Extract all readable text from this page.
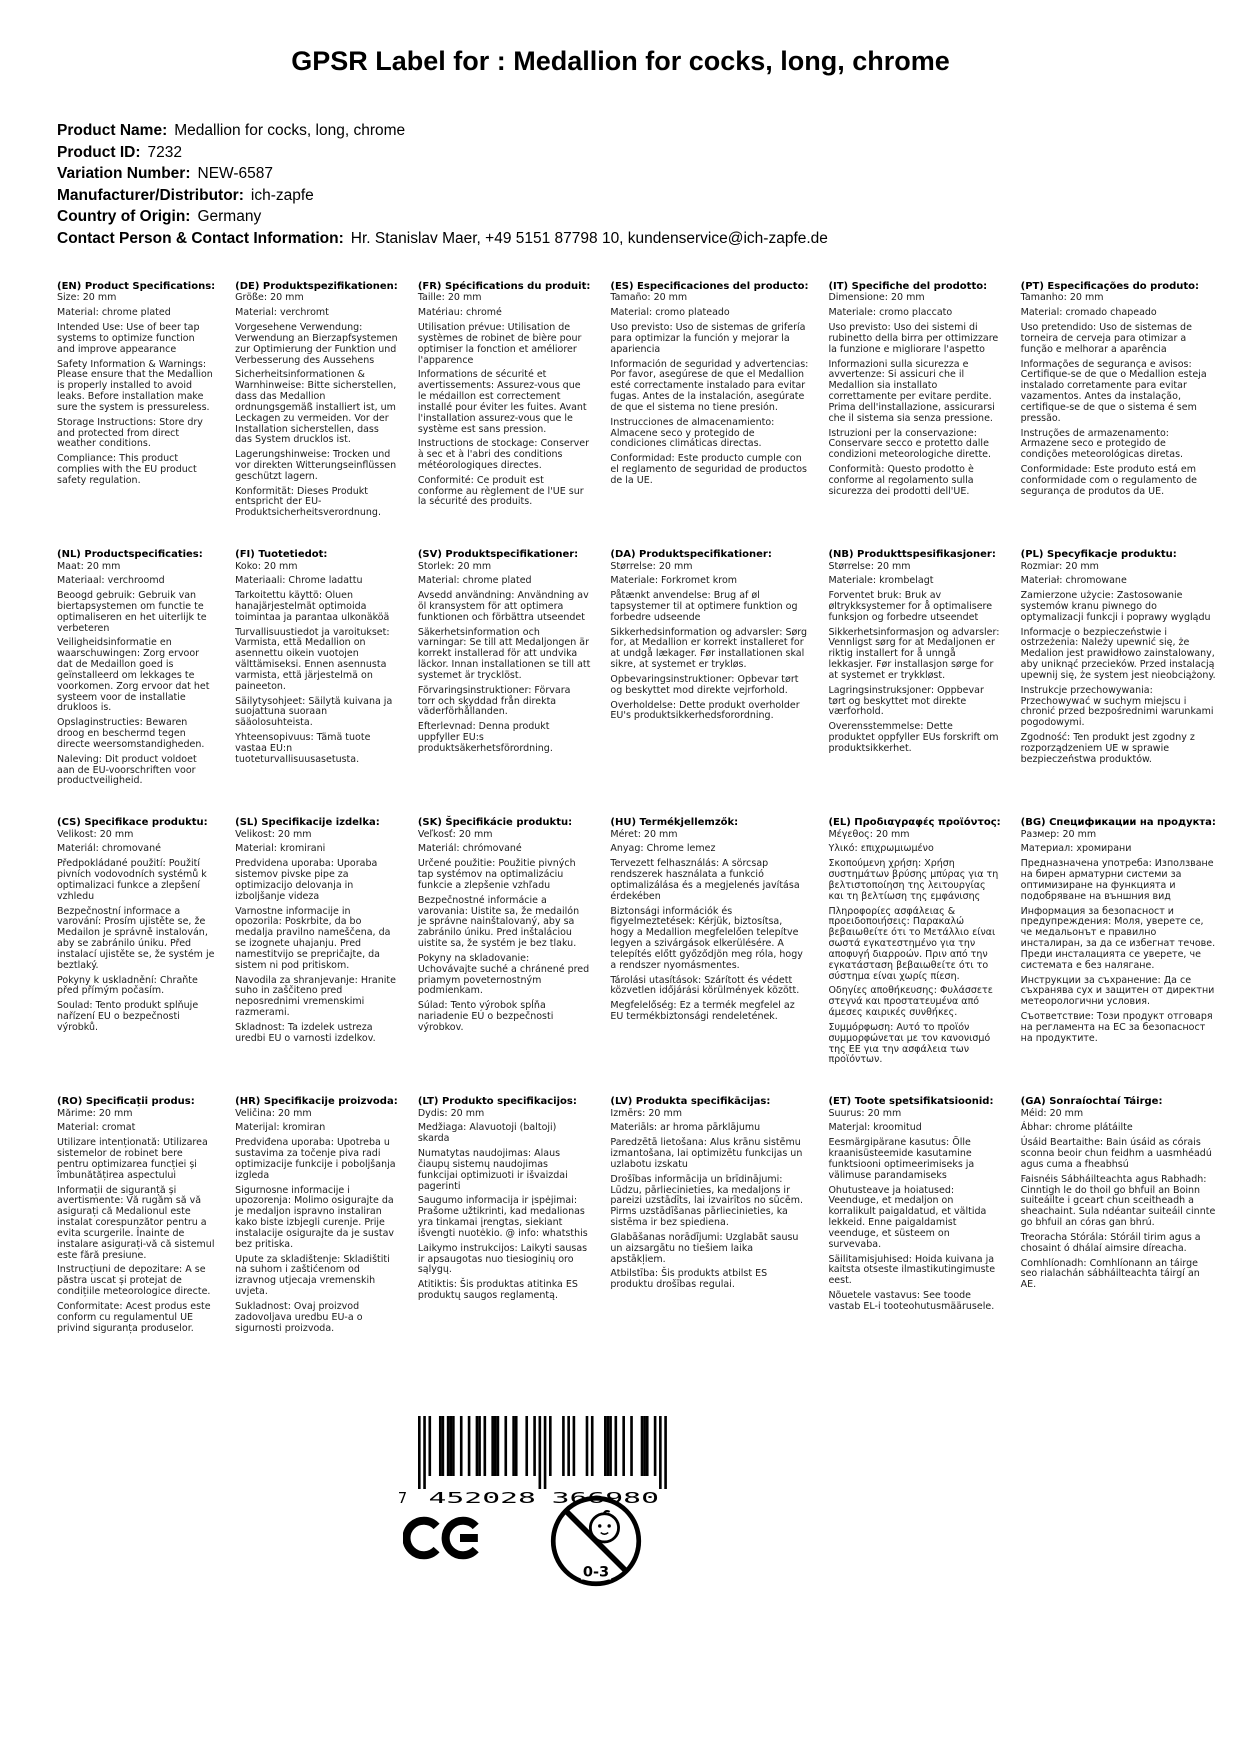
GPSR Label for : Medallion for cocks, long, chrome
Product Name: Medallion for cocks, long, chrome
Product ID: 7232
Variation Number: NEW-6587
Manufacturer/Distributor: ich-zapfe
Country of Origin: Germany
Contact Person & Contact Information: Hr. Stanislav Maer, +49 5151 87798 10, kundenservice@ich-zapfe.de
(EN) Product Specifications:

Size: 20 mm

Material: chrome plated

Intended Use: Use of beer tap systems to optimize function and improve appearance

Safety Information & Warnings: Please ensure that the Medallion is properly installed to avoid leaks. Before installation make sure the system is pressureless.

Storage Instructions: Store dry and protected from direct weather conditions.

Compliance: This product complies with the EU product safety regulation.

(DE) Produktspezifikationen:

Größe: 20 mm

Material: verchromt

Vorgesehene Verwendung: Verwendung an Bierzapfsystemen zur Optimierung der Funktion und Verbesserung des Aussehens

Sicherheitsinformationen & Warnhinweise: Bitte sicherstellen, dass das Medallion ordnungsgemäß installiert ist, um Leckagen zu vermeiden. Vor der Installation sicherstellen, dass das System drucklos ist.

Lagerungshinweise: Trocken und vor direkten Witterungseinflüssen geschützt lagern.

Konformität: Dieses Produkt entspricht der EU-Produktsicherheitsverordnung.

(FR) Spécifications du produit:

Taille: 20 mm

Matériau: chromé

Utilisation prévue: Utilisation de systèmes de robinet de bière pour optimiser la fonction et améliorer l'apparence

Informations de sécurité et avertissements: Assurez-vous que le médaillon est correctement installé pour éviter les fuites. Avant l'installation assurez-vous que le système est sans pression.

Instructions de stockage: Conserver à sec et à l'abri des conditions météorologiques directes.

Conformité: Ce produit est conforme au règlement de l'UE sur la sécurité des produits.

(ES) Especificaciones del producto:

Tamaño: 20 mm

Material: cromo plateado

Uso previsto: Uso de sistemas de grifería para optimizar la función y mejorar la apariencia

Información de seguridad y advertencias: Por favor, asegúrese de que el Medallion esté correctamente instalado para evitar fugas. Antes de la instalación, asegúrate de que el sistema no tiene presión.

Instrucciones de almacenamiento: Almacene seco y protegido de condiciones climáticas directas.

Conformidad: Este producto cumple con el reglamento de seguridad de productos de la UE.

(IT) Specifiche del prodotto:

Dimensione: 20 mm

Materiale: cromo placcato

Uso previsto: Uso dei sistemi di rubinetto della birra per ottimizzare la funzione e migliorare l'aspetto

Informazioni sulla sicurezza e avvertenze: Si assicuri che il Medallion sia installato correttamente per evitare perdite. Prima dell'installazione, assicurarsi che il sistema sia senza pressione.

Istruzioni per la conservazione: Conservare secco e protetto dalle condizioni meteorologiche dirette.

Conformità: Questo prodotto è conforme al regolamento sulla sicurezza dei prodotti dell'UE.

(PT) Especificações do produto:

Tamanho: 20 mm

Material: cromado chapeado

Uso pretendido: Uso de sistemas de torneira de cerveja para otimizar a função e melhorar a aparência

Informações de segurança e avisos: Certifique-se de que o Medallion esteja instalado corretamente para evitar vazamentos. Antes da instalação, certifique-se de que o sistema é sem pressão.

Instruções de armazenamento: Armazene seco e protegido de condições meteorológicas diretas.

Conformidade: Este produto está em conformidade com o regulamento de segurança de produtos da UE.

(NL) Productspecificaties:

Maat: 20 mm

Materiaal: verchroomd

Beoogd gebruik: Gebruik van biertapsystemen om functie te optimaliseren en het uiterlijk te verbeteren

Veiligheidsinformatie en waarschuwingen: Zorg ervoor dat de Medaillon goed is geïnstalleerd om lekkages te voorkomen. Zorg ervoor dat het systeem voor de installatie drukloos is.

Opslaginstructies: Bewaren droog en beschermd tegen directe weersomstandigheden.

Naleving: Dit product voldoet aan de EU-voorschriften voor productveiligheid.

(FI) Tuotetiedot:

Koko: 20 mm

Materiaali: Chrome ladattu

Tarkoitettu käyttö: Oluen hanajärjestelmät optimoida toimintaa ja parantaa ulkonäköä

Turvallisuustiedot ja varoitukset: Varmista, että Medallion on asennettu oikein vuotojen välttämiseksi. Ennen asennusta varmista, että järjestelmä on paineeton.

Säilytysohjeet: Säilytä kuivana ja suojattuna suoraan sääolosuhteista.

Yhteensopivuus: Tämä tuote vastaa EU:n tuoteturvallisuusasetusta.

(SV) Produktspecifikationer:

Storlek: 20 mm

Material: chrome plated

Avsedd användning: Användning av öl kransystem för att optimera funktionen och förbättra utseendet

Säkerhetsinformation och varningar: Se till att Medaljongen är korrekt installerad för att undvika läckor. Innan installationen se till att systemet är trycklöst.

Förvaringsinstruktioner: Förvara torr och skyddad från direkta väderförhållanden.

Efterlevnad: Denna produkt uppfyller EU:s produktsäkerhetsförordning.

(DA) Produktspecifikationer:

Størrelse: 20 mm

Materiale: Forkromet krom

Påtænkt anvendelse: Brug af øl tapsystemer til at optimere funktion og forbedre udseende

Sikkerhedsinformation og advarsler: Sørg for, at Medallion er korrekt installeret for at undgå lækager. Før installationen skal sikre, at systemet er trykløs.

Opbevaringsinstruktioner: Opbevar tørt og beskyttet mod direkte vejrforhold.

Overholdelse: Dette produkt overholder EU's produktsikkerhedsforordning.

(NB) Produkttspesifikasjoner:

Størrelse: 20 mm

Materiale: krombelagt

Forventet bruk: Bruk av øltrykksystemer for å optimalisere funksjon og forbedre utseendet

Sikkerhetsinformasjon og advarsler: Vennligst sørg for at Medaljonen er riktig installert for å unngå lekkasjer. Før installasjon sørge for at systemet er trykkløst.

Lagringsinstruksjoner: Oppbevar tørt og beskyttet mot direkte værforhold.

Overensstemmelse: Dette produktet oppfyller EUs forskrift om produktsikkerhet.

(PL) Specyfikacje produktu:

Rozmiar: 20 mm

Materiał: chromowane

Zamierzone użycie: Zastosowanie systemów kranu piwnego do optymalizacji funkcji i poprawy wyglądu

Informacje o bezpieczeństwie i ostrzeżenia: Należy upewnić się, że Medalion jest prawidłowo zainstalowany, aby uniknąć przecieków. Przed instalacją upewnij się, że system jest nieobciążony.

Instrukcje przechowywania: Przechowywać w suchym miejscu i chronić przed bezpośrednimi warunkami pogodowymi.

Zgodność: Ten produkt jest zgodny z rozporządzeniem UE w sprawie bezpieczeństwa produktów.

(CS) Specifikace produktu:

Velikost: 20 mm

Materiál: chromované

Předpokládané použití: Použití pivních vodovodních systémů k optimalizaci funkce a zlepšení vzhledu

Bezpečnostní informace a varování: Prosím ujistěte se, že Medailon je správně instalován, aby se zabránilo úniku. Před instalací ujistěte se, že systém je beztlaký.

Pokyny k uskladnění: Chraňte před přímým počasím.

Soulad: Tento produkt splňuje nařízení EU o bezpečnosti výrobků.

(SL) Specifikacije izdelka:

Velikost: 20 mm

Material: kromirani

Predvidena uporaba: Uporaba sistemov pivske pipe za optimizacijo delovanja in izboljšanje videza

Varnostne informacije in opozorila: Poskrbite, da bo medalja pravilno nameščena, da se izognete uhajanju. Pred namestitvijo se prepričajte, da sistem ni pod pritiskom.

Navodila za shranjevanje: Hranite suho in zaščiteno pred neposrednimi vremenskimi razmerami.

Skladnost: Ta izdelek ustreza uredbi EU o varnosti izdelkov.

(SK) Špecifikácie produktu:

Veľkosť: 20 mm

Materiál: chrómované

Určené použitie: Použitie pivných tap systémov na optimalizáciu funkcie a zlepšenie vzhľadu

Bezpečnostné informácie a varovania: Uistite sa, že medailón je správne nainštalovaný, aby sa zabránilo úniku. Pred inštaláciou uistite sa, že systém je bez tlaku.

Pokyny na skladovanie: Uchovávajte suché a chránené pred priamym poveternostným podmienkam.

Súlad: Tento výrobok spĺňa nariadenie EÚ o bezpečnosti výrobkov.

(HU) Termékjellemzők:

Méret: 20 mm

Anyag: Chrome lemez

Tervezett felhasználás: A sörcsap rendszerek használata a funkció optimalizálása és a megjelenés javítása érdekében

Biztonsági információk és figyelmeztetések: Kérjük, biztosítsa, hogy a Medallion megfelelően telepítve legyen a szivárgások elkerülésére. A telepítés előtt győződjön meg róla, hogy a rendszer nyomásmentes.

Tárolási utasítások: Szárított és védett közvetlen időjárási körülmények között.

Megfelelőség: Ez a termék megfelel az EU termékbiztonsági rendeletének.

(EL) Προδιαγραφές προϊόντος:

Μέγεθος: 20 mm

Υλικό: επιχρωμιωμένο

Σκοπούμενη χρήση: Χρήση συστημάτων βρύσης μπύρας για τη βελτιστοποίηση της λειτουργίας και τη βελτίωση της εμφάνισης

Πληροφορίες ασφάλειας & προειδοποιήσεις: Παρακαλώ βεβαιωθείτε ότι το Μετάλλιο είναι σωστά εγκατεστημένο για την αποφυγή διαρροών. Πριν από την εγκατάσταση βεβαιωθείτε ότι το σύστημα είναι χωρίς πίεση.

Οδηγίες αποθήκευσης: Φυλάσσετε στεγνά και προστατευμένα από άμεσες καιρικές συνθήκες.

Συμμόρφωση: Αυτό το προϊόν συμμορφώνεται με τον κανονισμό της ΕΕ για την ασφάλεια των προϊόντων.

(BG) Спецификации на продукта:

Размер: 20 mm

Материал: хромирани

Предназначена употреба: Използване на бирен арматурни системи за оптимизиране на функцията и подобряване на външния вид

Информация за безопасност и предупреждения: Моля, уверете се, че медальонът е правилно инсталиран, за да се избегнат течове. Преди инсталацията се уверете, че системата е без налягане.

Инструкции за съхранение: Да се съхранява сух и защитен от директни метеорологични условия.

Съответствие: Този продукт отговаря на регламента на ЕС за безопасност на продуктите.

(RO) Specificații produs:

Mărime: 20 mm

Material: cromat

Utilizare intenționată: Utilizarea sistemelor de robinet bere pentru optimizarea funcției și îmbunătățirea aspectului

Informații de siguranță și avertismente: Vă rugăm să vă asigurați că Medalionul este instalat corespunzător pentru a evita scurgerile. Înainte de instalare asigurați-vă că sistemul este fără presiune.

Instrucțiuni de depozitare: A se păstra uscat și protejat de condițiile meteorologice directe.

Conformitate: Acest produs este conform cu regulamentul UE privind siguranța produselor.

(HR) Specifikacije proizvoda:

Veličina: 20 mm

Materijal: kromiran

Predviđena uporaba: Upotreba u sustavima za točenje piva radi optimizacije funkcije i poboljšanja izgleda

Sigurnosne informacije i upozorenja: Molimo osigurajte da je medaljon ispravno instaliran kako biste izbjegli curenje. Prije instalacije osigurajte da je sustav bez pritiska.

Upute za skladištenje: Skladištiti na suhom i zaštićenom od izravnog utjecaja vremenskih uvjeta.

Sukladnost: Ovaj proizvod zadovoljava uredbu EU-a o sigurnosti proizvoda.

(LT) Produkto specifikacijos:

Dydis: 20 mm

Medžiaga: Alavuotoji (baltoji) skarda

Numatytas naudojimas: Alaus čiaupų sistemų naudojimas funkcijai optimizuoti ir išvaizdai pagerinti

Saugumo informacija ir įspėjimai: Prašome užtikrinti, kad medalionas yra tinkamai įrengtas, siekiant išvengti nuotėkio. @ info: whatsthis

Laikymo instrukcijos: Laikyti sausas ir apsaugotas nuo tiesioginių oro sąlygų.

Atitiktis: Šis produktas atitinka ES produktų saugos reglamentą.

(LV) Produkta specifikācijas:

Izmērs: 20 mm

Materiāls: ar hroma pārklājumu

Paredzētā lietošana: Alus krānu sistēmu izmantošana, lai optimizētu funkcijas un uzlabotu izskatu

Drošības informācija un brīdinājumi: Lūdzu, pārliecinieties, ka medaljons ir pareizi uzstādīts, lai izvairītos no sūcēm. Pirms uzstādīšanas pārliecinieties, ka sistēma ir bez spiediena.

Glabāšanas norādījumi: Uzglabāt sausu un aizsargātu no tiešiem laika apstākļiem.

Atbilstība: Šis produkts atbilst ES produktu drošības regulai.

(ET) Toote spetsifikatsioonid:

Suurus: 20 mm

Materjal: kroomitud

Eesmärgipärane kasutus: Õlle kraanisüsteemide kasutamine funktsiooni optimeerimiseks ja välimuse parandamiseks

Ohutusteave ja hoiatused: Veenduge, et medaljon on korralikult paigaldatud, et vältida lekkeid. Enne paigaldamist veenduge, et süsteem on survevaba.

Säilitamisjuhised: Hoida kuivana ja kaitsta otseste ilmastikutingimuste eest.

Nõuetele vastavus: See toode vastab EL-i tooteohutusmäärusele.

(GA) Sonraíochtaí Táirge:

Méid: 20 mm

Ábhar: chrome plátáilte

Úsáid Beartaithe: Bain úsáid as córais sconna beoir chun feidhm a uasmhéadú agus cuma a fheabhsú

Faisnéis Sábháilteachta agus Rabhadh: Cinntigh le do thoil go bhfuil an Boinn suiteáilte i gceart chun sceitheadh a sheachaint. Sula ndéantar suiteáil cinnte go bhfuil an córas gan bhrú.

Treoracha Stórála: Stóráil tirim agus a chosaint ó dhálaí aimsire díreacha.

Comhlíonadh: Comhlíonann an táirge seo rialachán sábháilteachta táirgí an AE.

7 452028 366980
0-3
